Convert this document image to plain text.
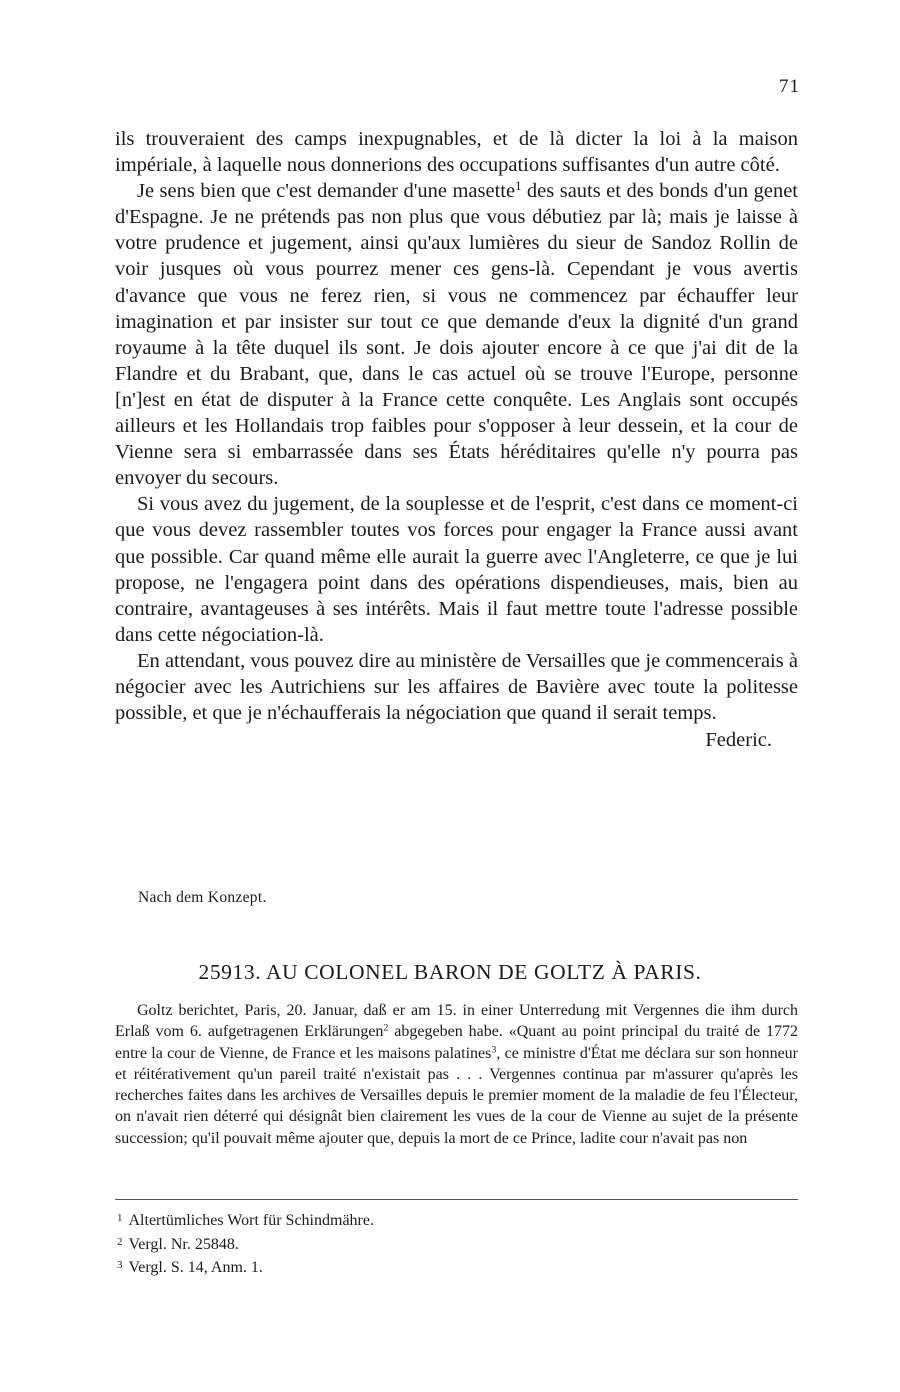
71

ils trouveraient des camps inexpugnables, et de là dicter la loi à la maison impériale, à laquelle nous donnerions des occupations suffisantes d'un autre côté.

Je sens bien que c'est demander d'une masette$^1$ des sauts et des bonds d'un genet d'Espagne. Je ne prétends pas non plus que vous débutiez par là; mais je laisse à votre prudence et jugement, ainsi qu'aux lumières du sieur de Sandoz Rollin de voir jusques où vous pourrez mener ces gens-là. Cependant je vous avertis d'avance que vous ne ferez rien, si vous ne commencez par échauffer leur imagination et par insister sur tout ce que demande d'eux la dignité d'un grand royaume à la tête duquel ils sont. Je dois ajouter encore à ce que j'ai dit de la Flandre et du Brabant, que, dans le cas actuel où se trouve l'Europe, personne [n']est en état de disputer à la France cette conquête. Les Anglais sont occupés ailleurs et les Hollandais trop faibles pour s'opposer à leur dessein, et la cour de Vienne sera si embarrassée dans ses États héréditaires qu'elle n'y pourra pas envoyer du secours.

Si vous avez du jugement, de la souplesse et de l'esprit, c'est dans ce moment-ci que vous devez rassembler toutes vos forces pour engager la France aussi avant que possible. Car quand même elle aurait la guerre avec l'Angleterre, ce que je lui propose, ne l'engagera point dans des opérations dispendieuses, mais, bien au contraire, avantageuses à ses intérêts. Mais il faut mettre toute l'adresse possible dans cette négociation-là.

En attendant, vous pouvez dire au ministère de Versailles que je commencerais à négocier avec les Autrichiens sur les affaires de Bavière avec toute la politesse possible, et que je n'échaufferais la négociation que quand il serait temps.

Federic.
Nach dem Konzept.
25913. AU COLONEL BARON DE GOLTZ À PARIS.

Goltz berichtet, Paris, 20. Januar, daß er am 15. in einer Unterredung mit Vergennes die ihm durch Erlaß vom 6. aufgetragenen Erklärungen$^2$ abgegeben habe. «Quant au point principal du traité de 1772 entre la cour de Vienne, de France et les maisons palatines$^3$, ce ministre d'État me déclara sur son honneur et réitérativement qu'un pareil traité n'existait pas . . . Vergennes continua par m'assurer qu'après les recherches faites dans les archives de Versailles depuis le premier moment de la maladie de feu l'Électeur, on n'avait rien déterré qui désignât bien clairement les vues de la cour de Vienne au sujet de la présente succession; qu'il pouvait même ajouter que, depuis la mort de ce Prince, ladite cour n'avait pas non

$^1$ Altertümliches Wort für Schindmähre.
$^2$ Vergl. Nr. 25848.
$^3$ Vergl. S. 14, Anm. 1.
